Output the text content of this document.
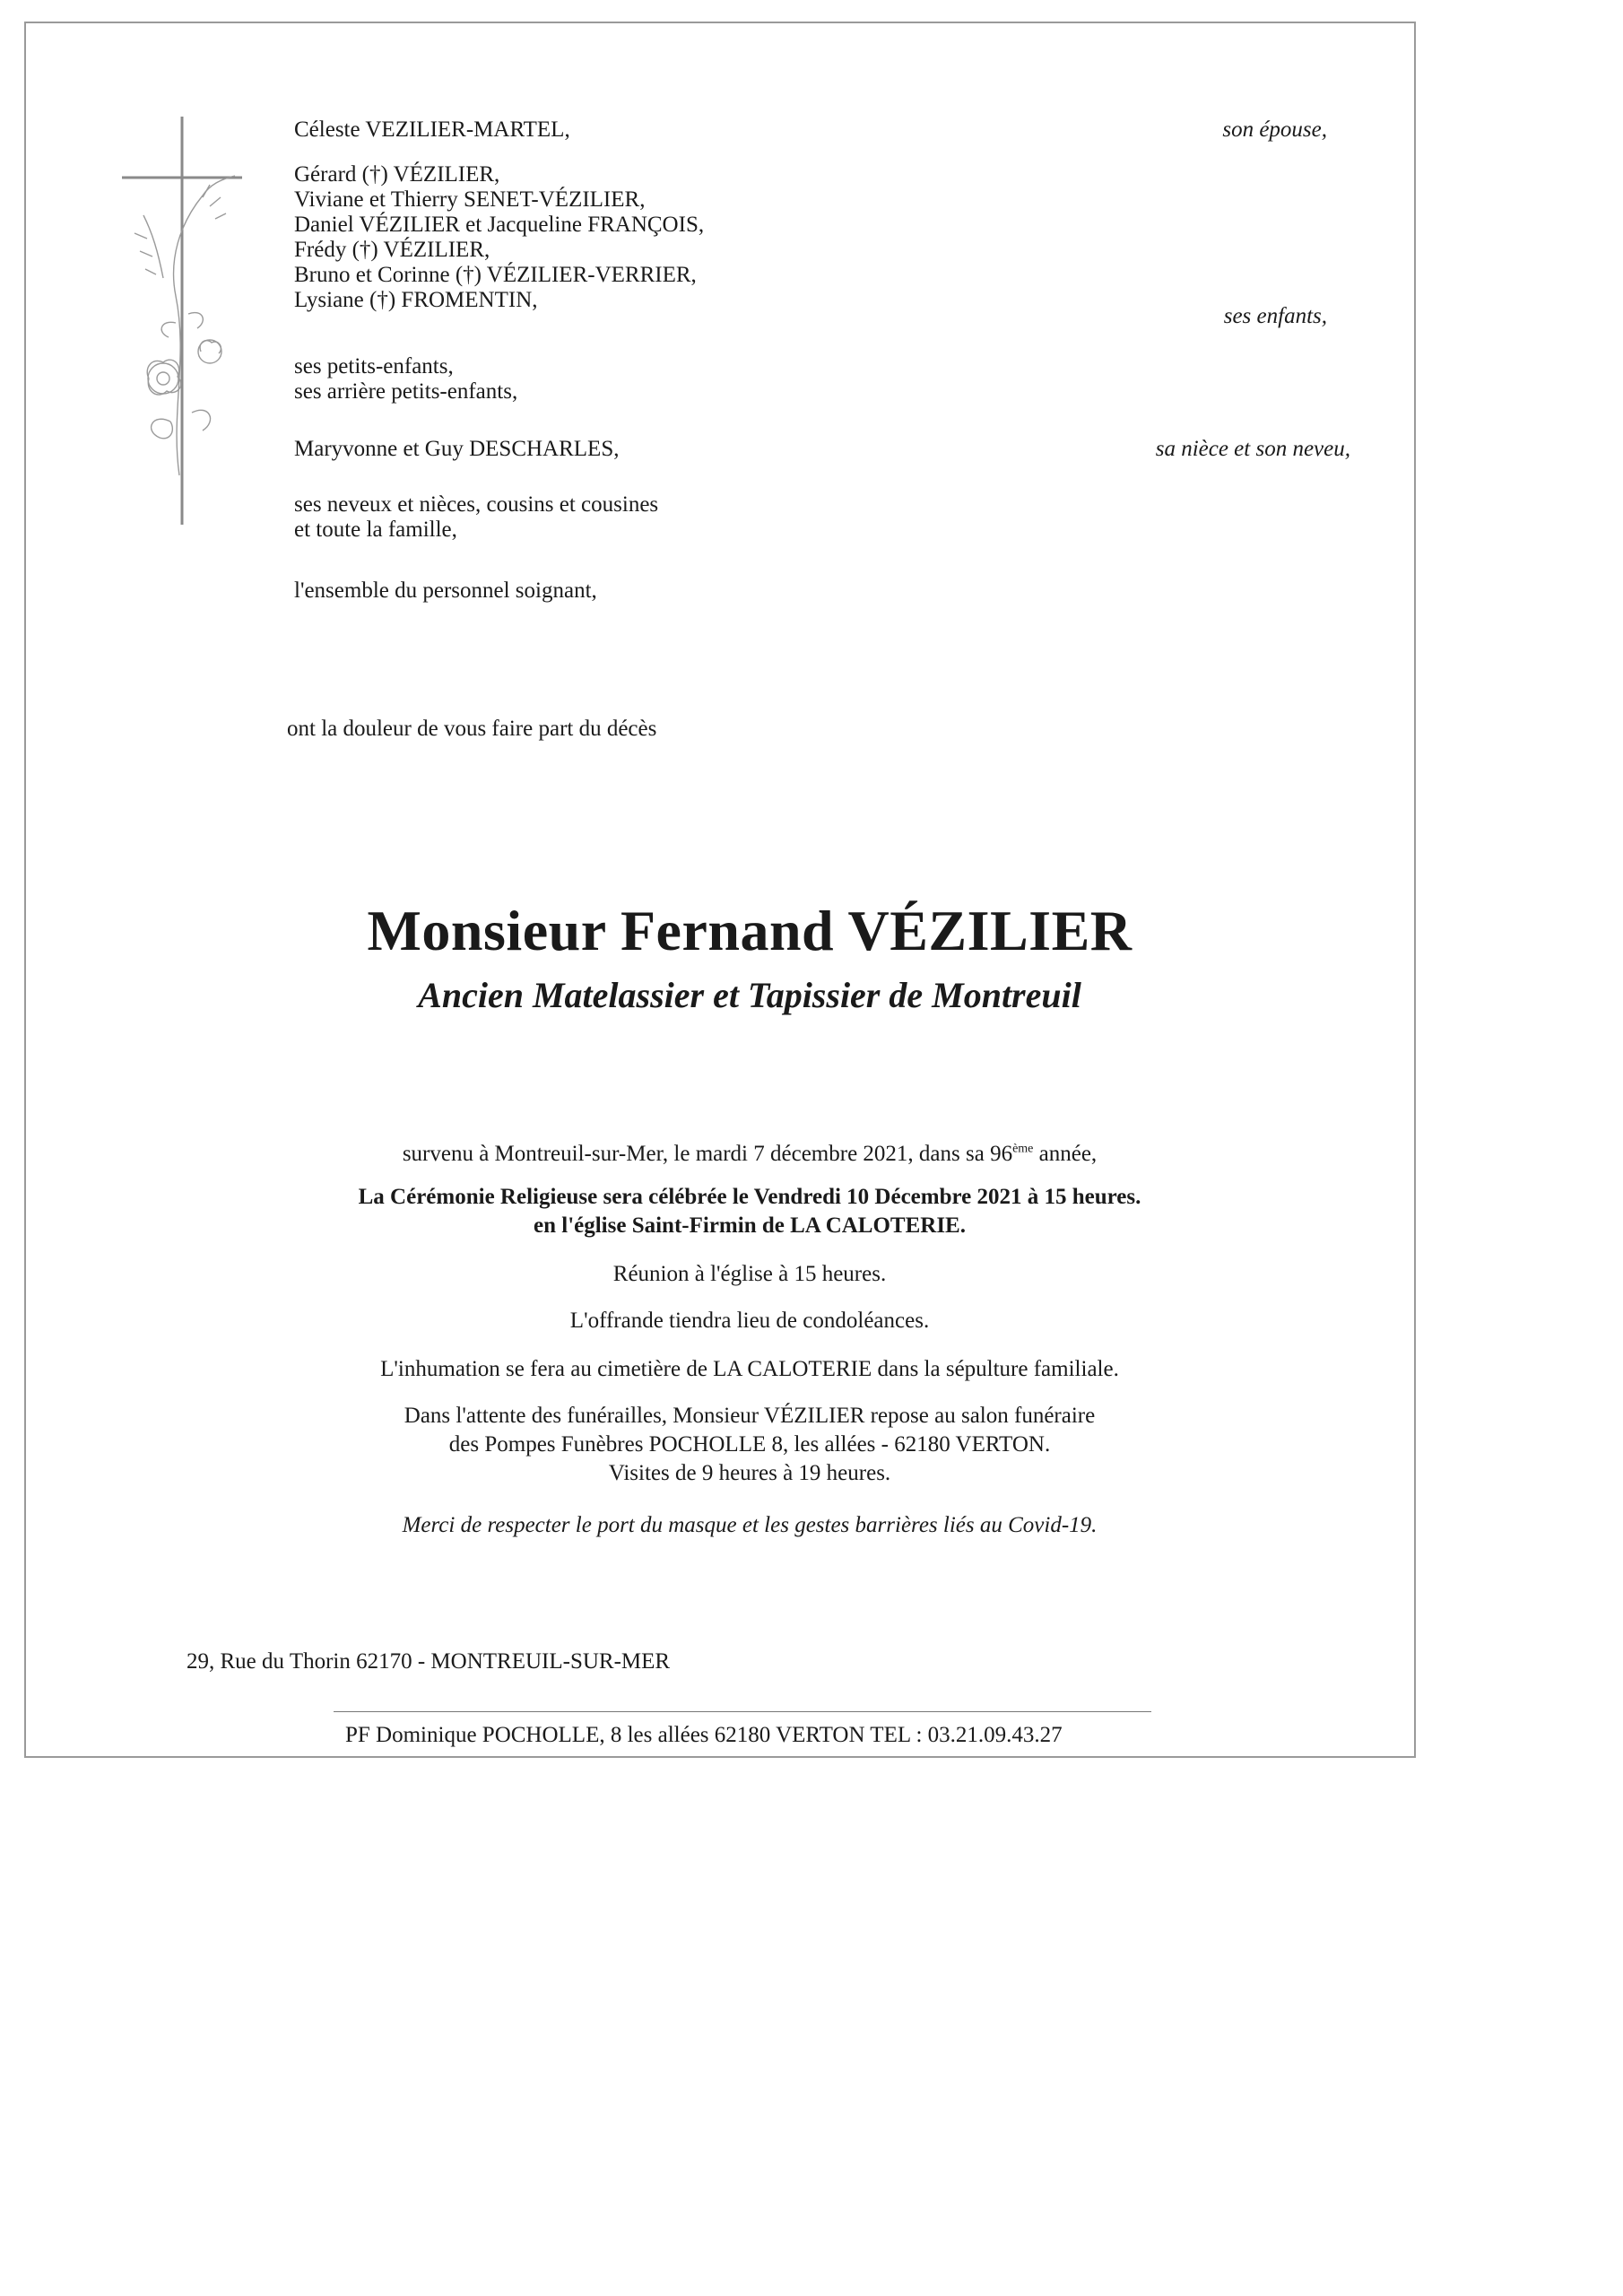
Céleste VEZILIER-MARTEL,	son épouse,
Gérard (†) VÉZILIER,
Viviane et Thierry SENET-VÉZILIER,
Daniel VÉZILIER et Jacqueline FRANÇOIS,
Frédy (†) VÉZILIER,
Bruno et Corinne (†) VÉZILIER-VERRIER,
Lysiane (†) FROMENTIN,
ses enfants,
ses petits-enfants,
ses arrière petits-enfants,
Maryvonne et Guy DESCHARLES,	sa nièce et son neveu,
ses neveux et nièces, cousins et cousines
et toute la famille,
l'ensemble du personnel soignant,
ont la douleur de vous faire part du décès
Monsieur Fernand VÉZILIER
Ancien Matelassier et Tapissier de Montreuil
survenu à Montreuil-sur-Mer, le mardi 7 décembre 2021, dans sa 96ème année,
La Cérémonie Religieuse sera célébrée le Vendredi 10 Décembre 2021 à 15 heures.
en l'église Saint-Firmin de LA CALOTERIE.
Réunion à l'église à 15 heures.
L'offrande tiendra lieu de condoléances.
L'inhumation se fera au cimetière de LA CALOTERIE dans la sépulture familiale.
Dans l'attente des funérailles, Monsieur VÉZILIER repose au salon funéraire
des Pompes Funèbres POCHOLLE 8, les allées - 62180 VERTON.
Visites de 9 heures à 19 heures.
Merci de respecter le port du masque et les gestes barrières liés au Covid-19.
29, Rue du Thorin 62170 - MONTREUIL-SUR-MER
PF Dominique POCHOLLE, 8 les allées 62180 VERTON TEL : 03.21.09.43.27
